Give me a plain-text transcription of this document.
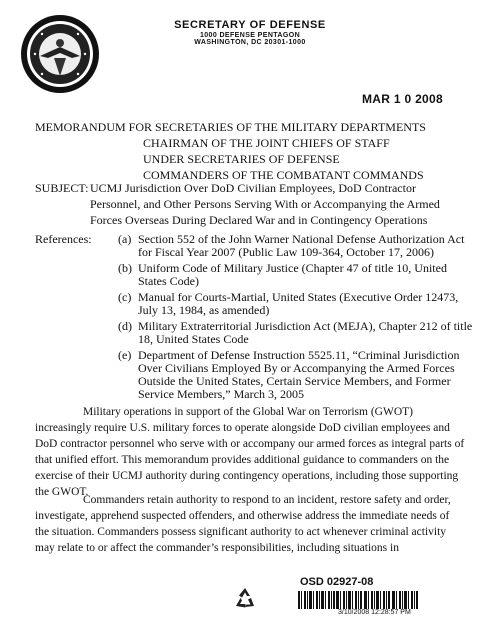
SECRETARY OF DEFENSE
1000 DEFENSE PENTAGON
WASHINGTON, DC 20301-1000
MAR 1 0 2008
MEMORANDUM FOR SECRETARIES OF THE MILITARY DEPARTMENTS
CHAIRMAN OF THE JOINT CHIEFS OF STAFF
UNDER SECRETARIES OF DEFENSE
COMMANDERS OF THE COMBATANT COMMANDS
SUBJECT: UCMJ Jurisdiction Over DoD Civilian Employees, DoD Contractor Personnel, and Other Persons Serving With or Accompanying the Armed Forces Overseas During Declared War and in Contingency Operations
References:	(a) Section 552 of the John Warner National Defense Authorization Act for Fiscal Year 2007 (Public Law 109-364, October 17, 2006)
(b) Uniform Code of Military Justice (Chapter 47 of title 10, United States Code)
(c) Manual for Courts-Martial, United States (Executive Order 12473, July 13, 1984, as amended)
(d) Military Extraterritorial Jurisdiction Act (MEJA), Chapter 212 of title 18, United States Code
(e) Department of Defense Instruction 5525.11, “Criminal Jurisdiction Over Civilians Employed By or Accompanying the Armed Forces Outside the United States, Certain Service Members, and Former Service Members,” March 3, 2005
Military operations in support of the Global War on Terrorism (GWOT) increasingly require U.S. military forces to operate alongside DoD civilian employees and DoD contractor personnel who serve with or accompany our armed forces as integral parts of that unified effort. This memorandum provides additional guidance to commanders on the exercise of their UCMJ authority during contingency operations, including those supporting the GWOT.
Commanders retain authority to respond to an incident, restore safety and order, investigate, apprehend suspected offenders, and otherwise address the immediate needs of the situation. Commanders possess significant authority to act whenever criminal activity may relate to or affect the commander’s responsibilities, including situations in
OSD 02927-08
3/10/2008 12:28:57 PM
